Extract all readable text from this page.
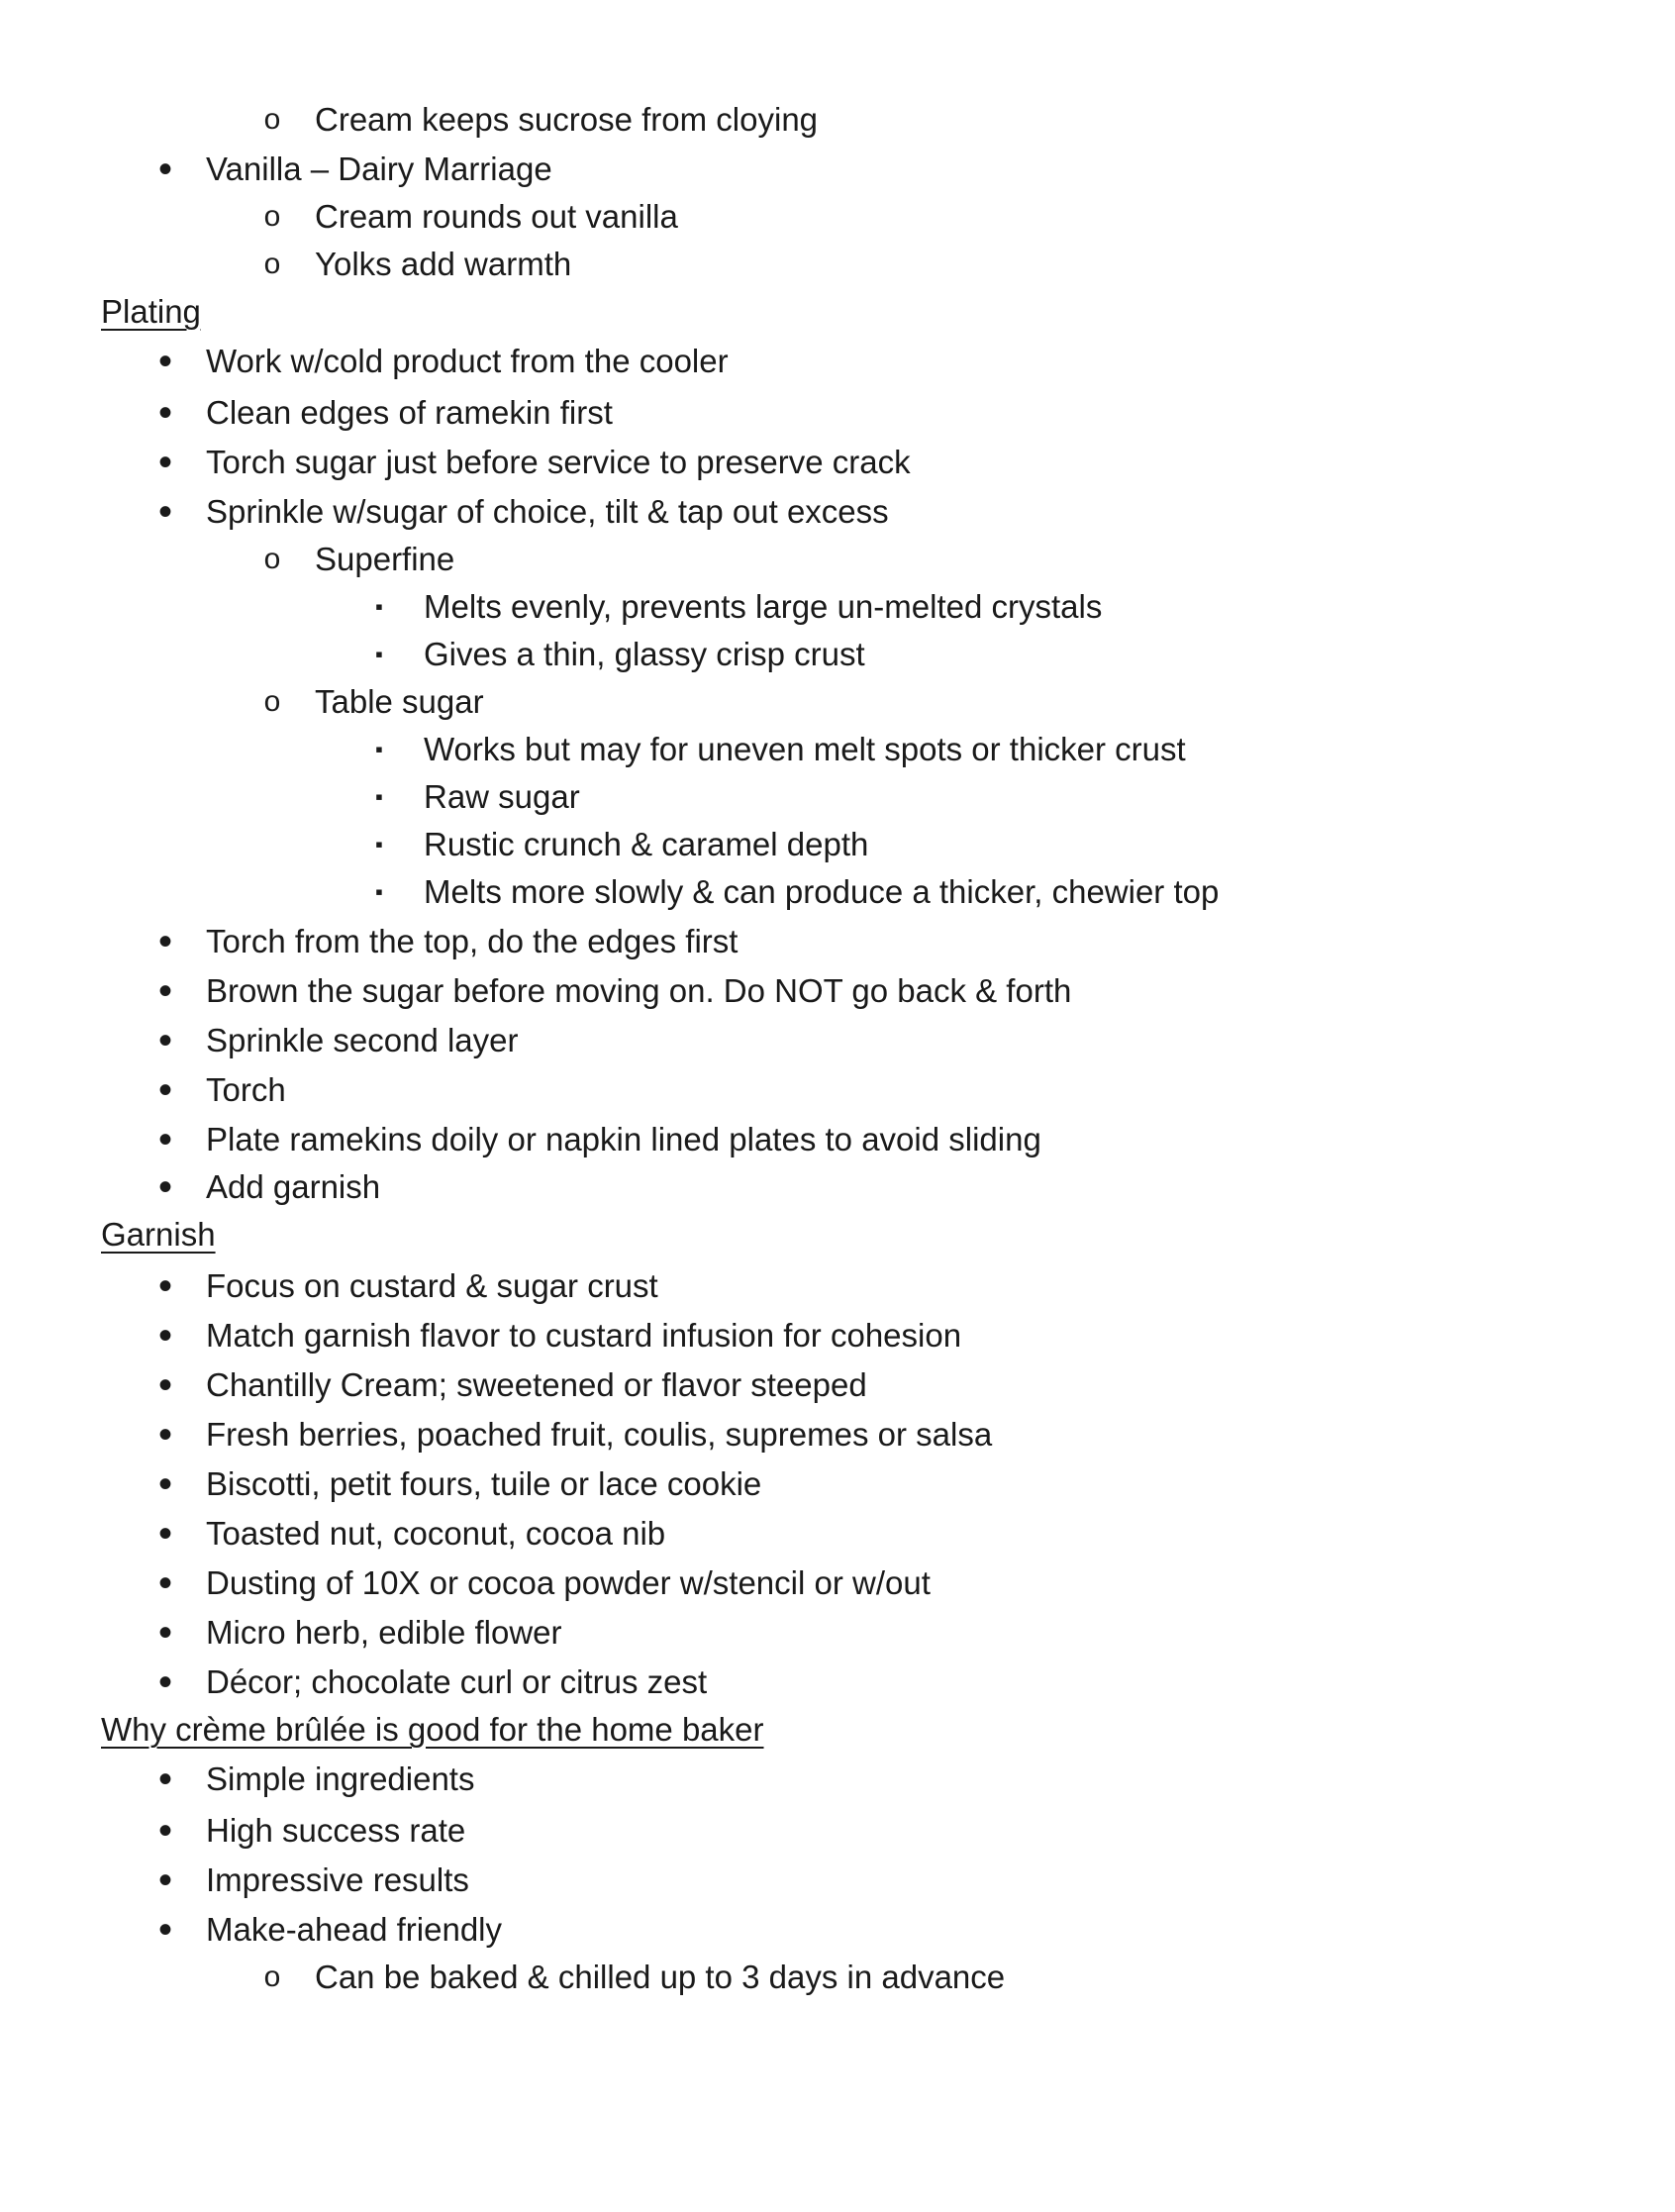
o Cream keeps sucrose from cloying
• Vanilla – Dairy Marriage
o Cream rounds out vanilla
o Yolks add warmth
Plating
• Work w/cold product from the cooler
• Clean edges of ramekin first
• Torch sugar just before service to preserve crack
• Sprinkle w/sugar of choice, tilt & tap out excess
o Superfine
▪	Melts evenly, prevents large un-melted crystals
▪	Gives a thin, glassy crisp crust
o Table sugar
▪	Works but may for uneven melt spots or thicker crust
▪	Raw sugar
▪	Rustic crunch & caramel depth
▪	Melts more slowly & can produce a thicker, chewier top
• Torch from the top, do the edges first
• Brown the sugar before moving on. Do NOT go back & forth
• Sprinkle second layer
• Torch
• Plate ramekins doily or napkin lined plates to avoid sliding
• Add garnish
Garnish
• Focus on custard & sugar crust
• Match garnish flavor to custard infusion for cohesion
• Chantilly Cream; sweetened or flavor steeped
• Fresh berries, poached fruit, coulis, supremes or salsa
• Biscotti, petit fours, tuile or lace cookie
• Toasted nut, coconut, cocoa nib
• Dusting of 10X or cocoa powder w/stencil or w/out
• Micro herb, edible flower
• Décor; chocolate curl or citrus zest
Why crème brûlée is good for the home baker
• Simple ingredients
• High success rate
• Impressive results
• Make-ahead friendly
o Can be baked & chilled up to 3 days in advance
